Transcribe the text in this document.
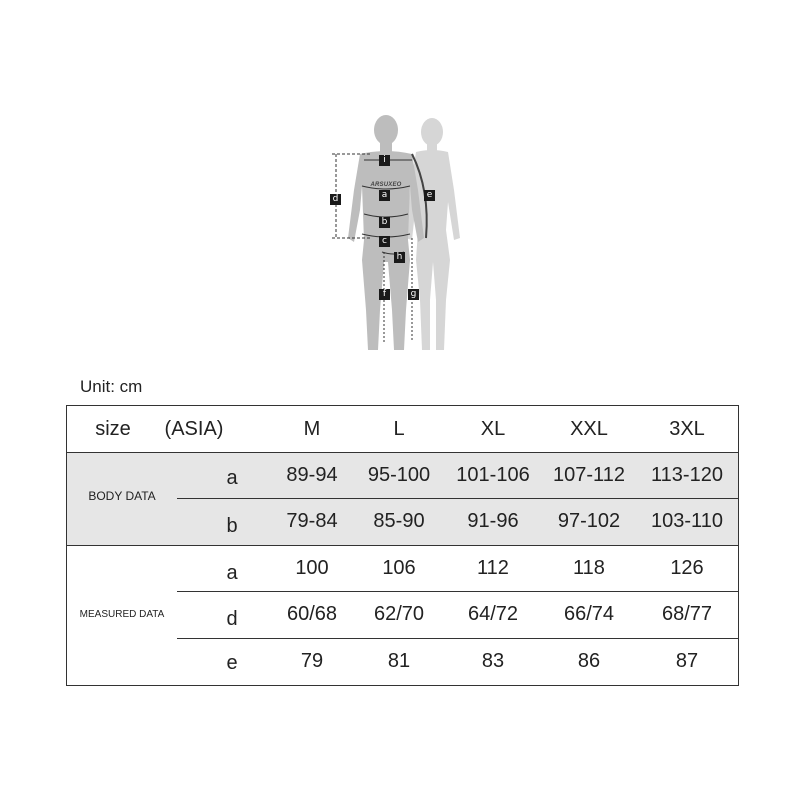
ARSUXEO
i
a
b
c
d	e
f	g
h
Unit: cm
size	(ASIA)	M	L	XL	XXL	3XL
BODY DATA
MEASURED DATA
a	89-94	95-100	101-106	107-112	113-120
b	79-84	85-90	91-96	97-102	103-110
a	100	106	112	118	126
d	60/68	62/70	64/72	66/74	68/77
e	79	81	83	86	87
